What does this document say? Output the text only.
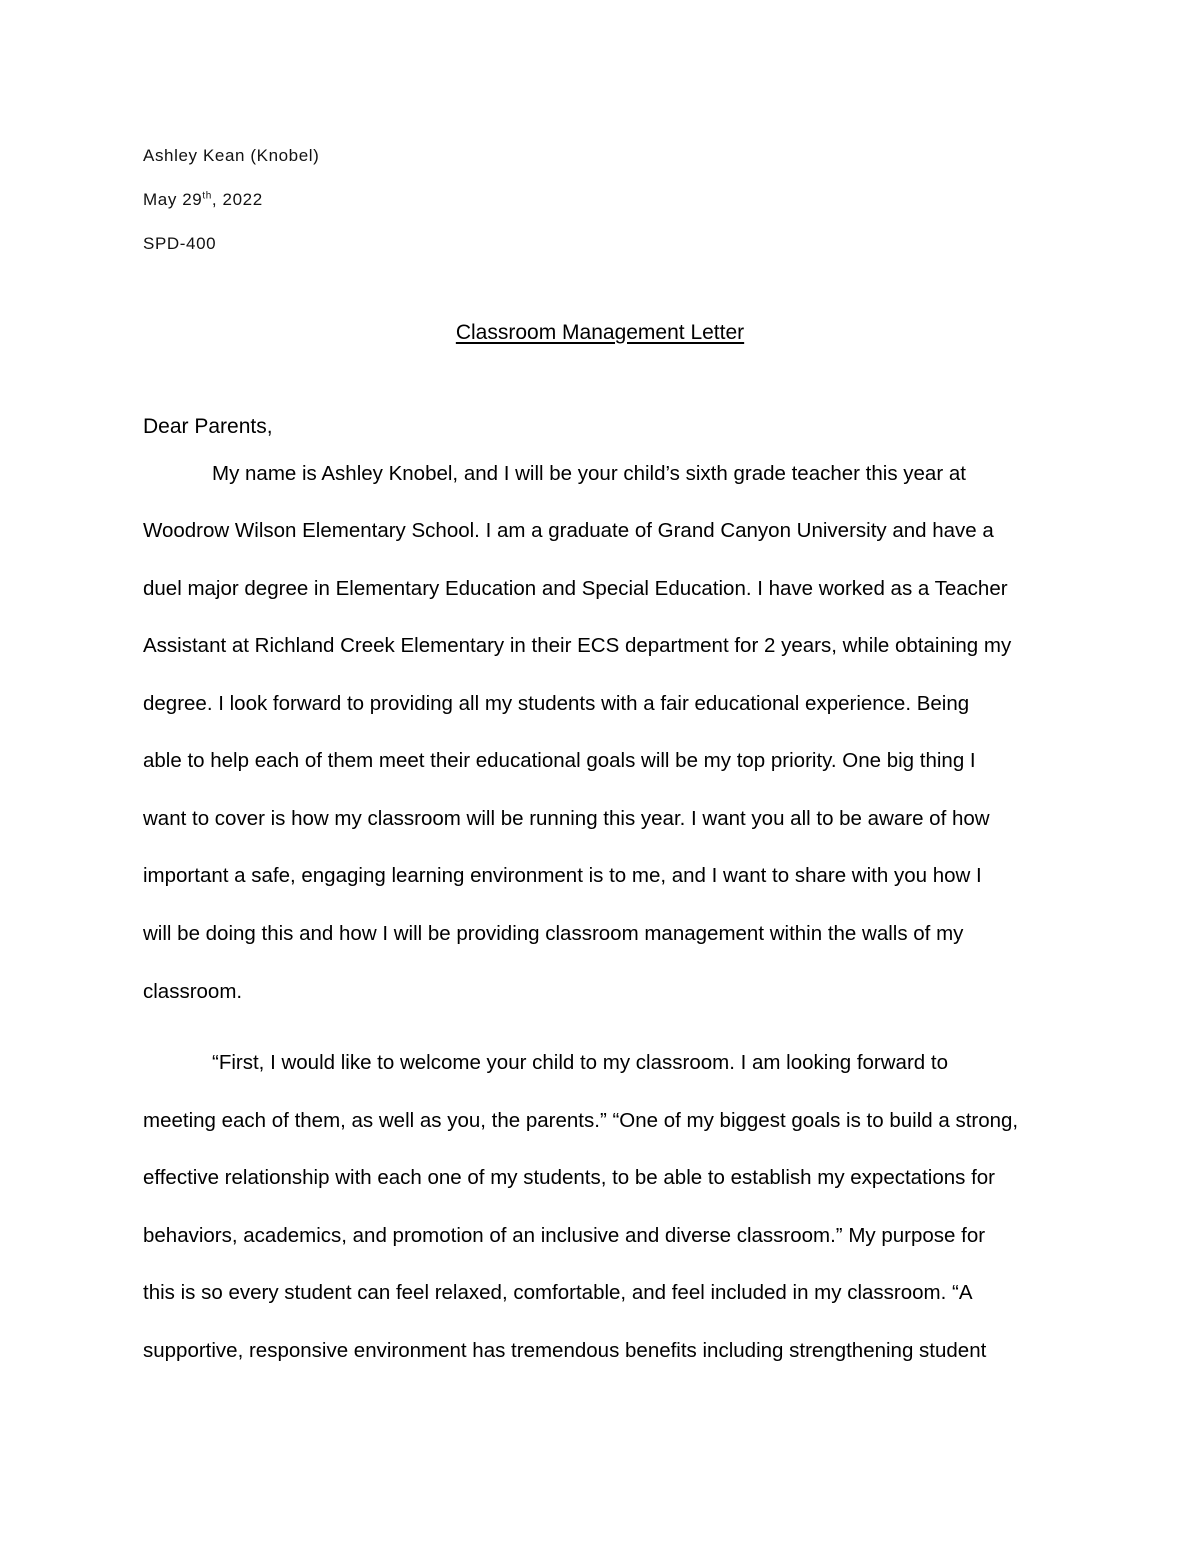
Ashley Kean (Knobel)
May 29th, 2022
SPD-400
Classroom Management Letter
Dear Parents,
My name is Ashley Knobel, and I will be your child’s sixth grade teacher this year at
Woodrow Wilson Elementary School. I am a graduate of Grand Canyon University and have a
duel major degree in Elementary Education and Special Education. I have worked as a Teacher
Assistant at Richland Creek Elementary in their ECS department for 2 years, while obtaining my
degree. I look forward to providing all my students with a fair educational experience. Being
able to help each of them meet their educational goals will be my top priority. One big thing I
want to cover is how my classroom will be running this year. I want you all to be aware of how
important a safe, engaging learning environment is to me, and I want to share with you how I
will be doing this and how I will be providing classroom management within the walls of my
classroom.
“First, I would like to welcome your child to my classroom. I am looking forward to
meeting each of them, as well as you, the parents.” “One of my biggest goals is to build a strong,
effective relationship with each one of my students, to be able to establish my expectations for
behaviors, academics, and promotion of an inclusive and diverse classroom.” My purpose for
this is so every student can feel relaxed, comfortable, and feel included in my classroom. “A
supportive, responsive environment has tremendous benefits including strengthening student
